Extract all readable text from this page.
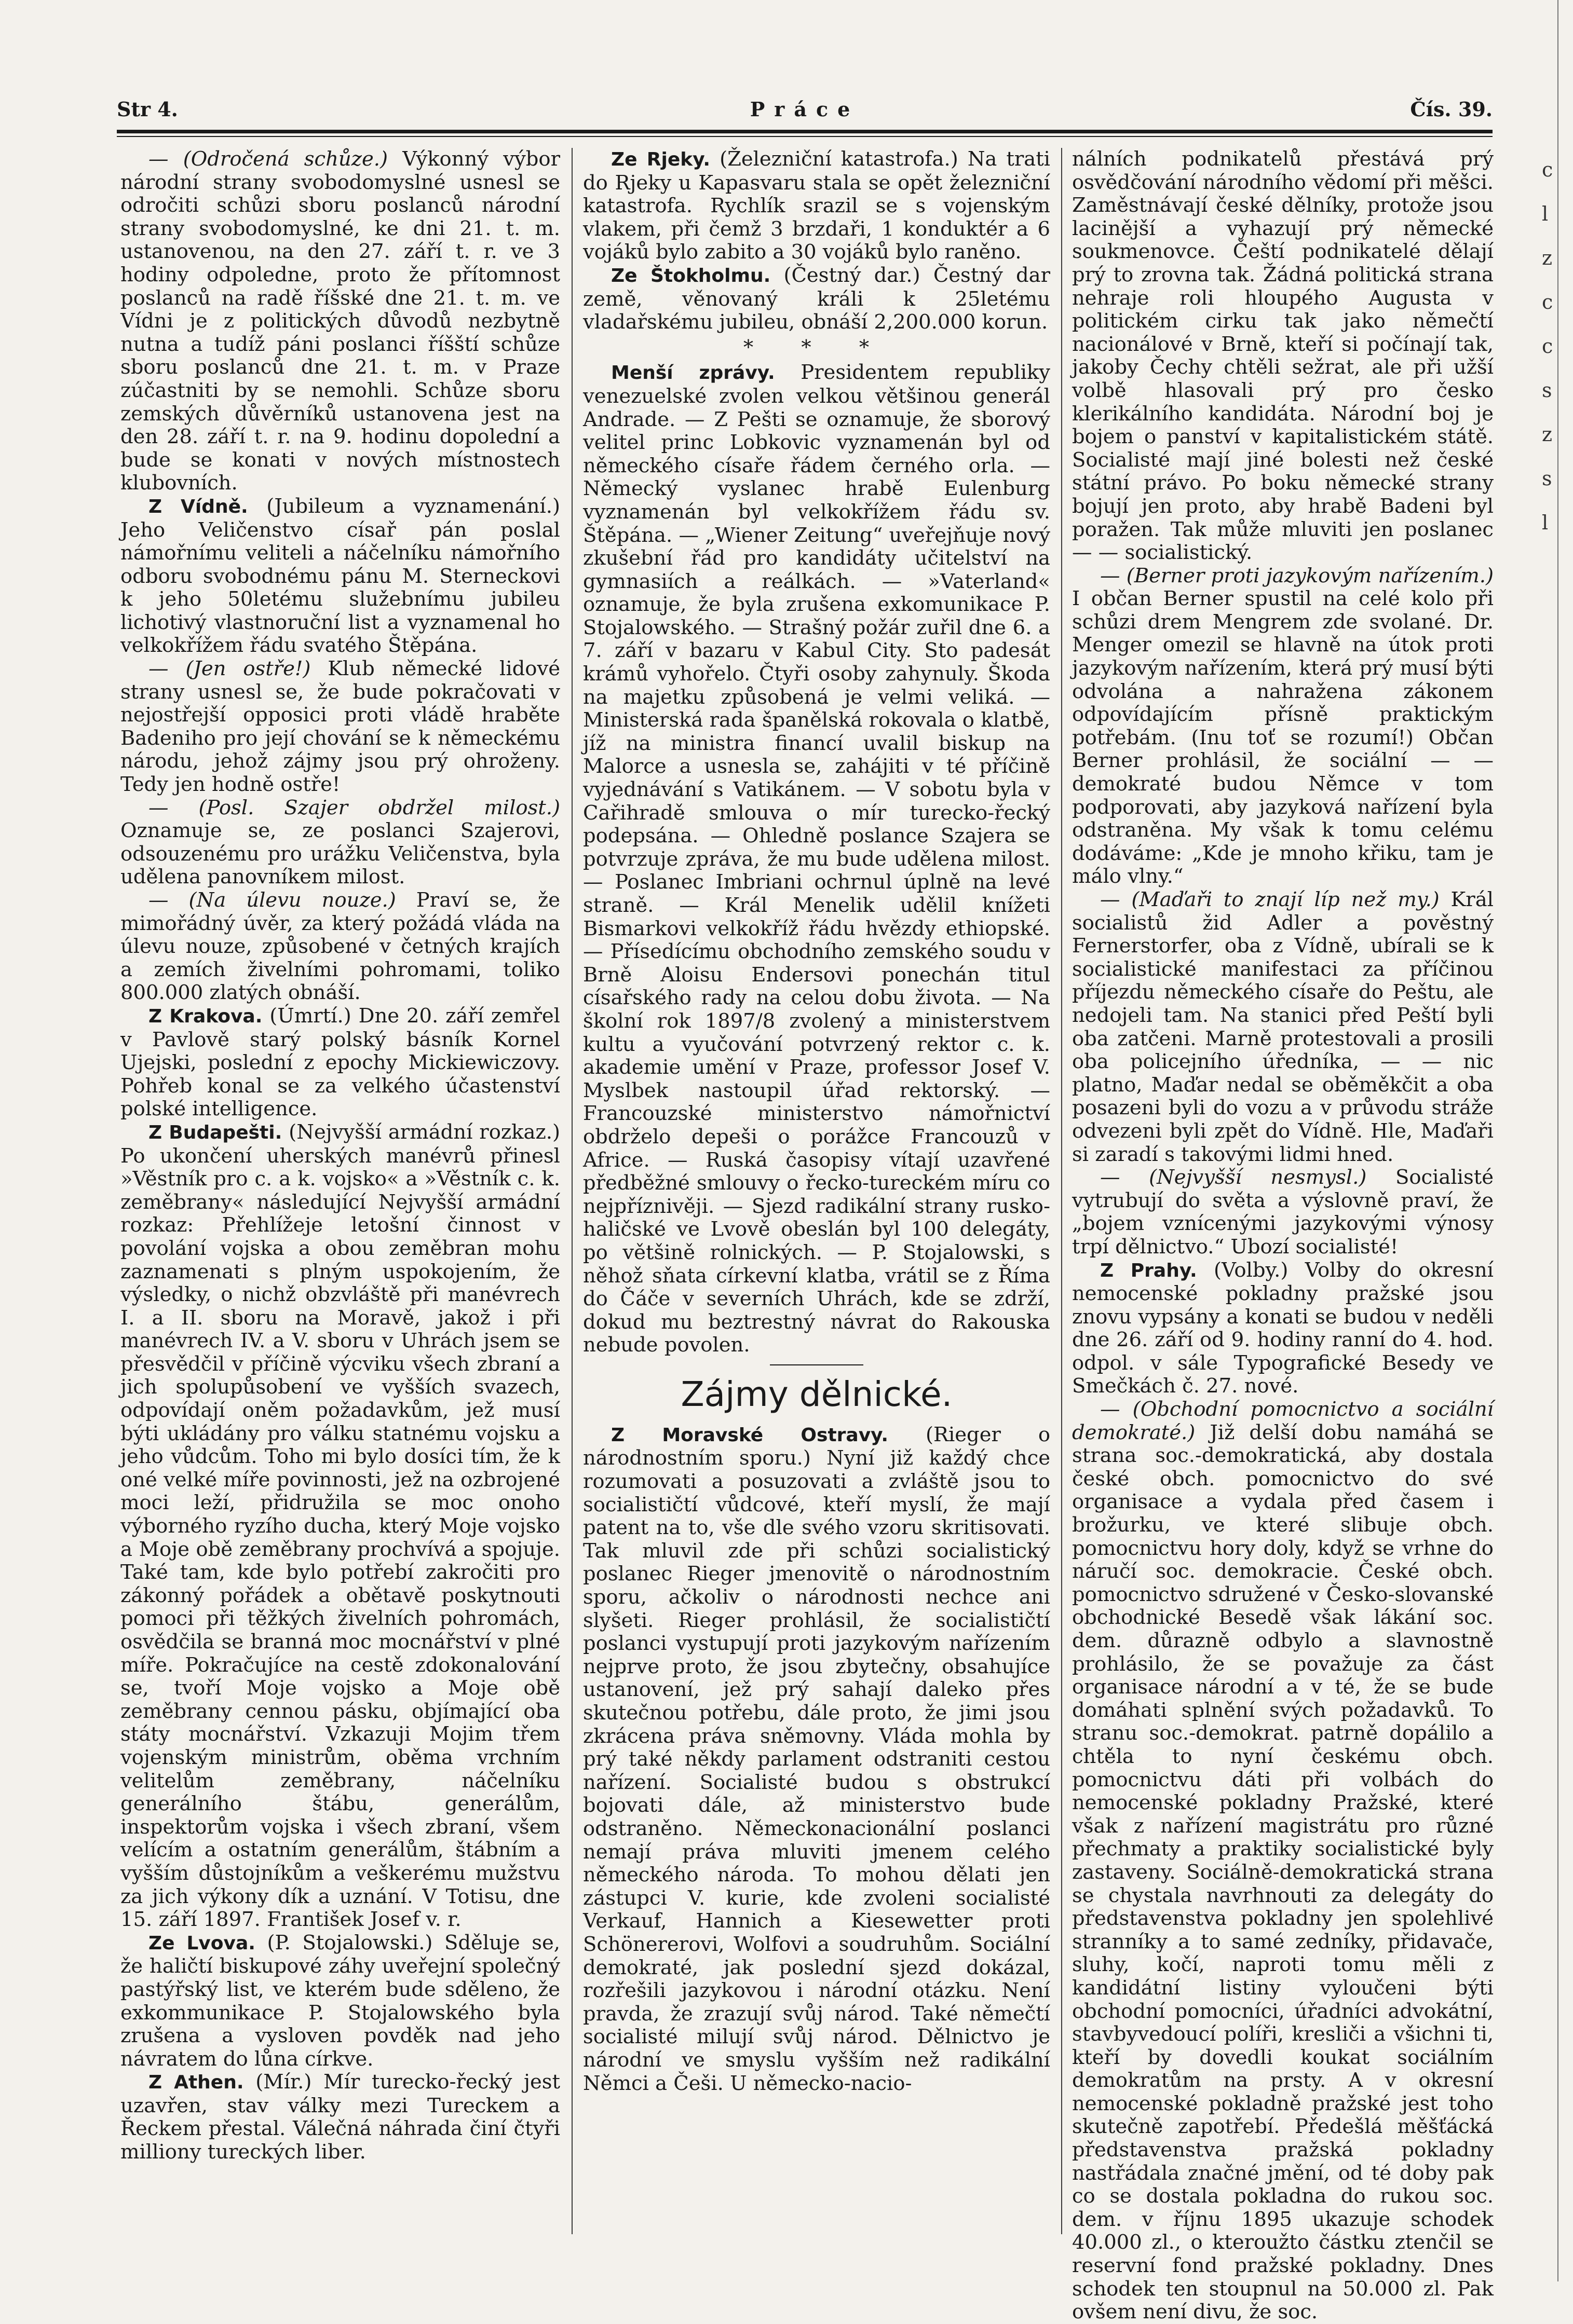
Str 4.	Práce	Čís. 39.

— (Odročená schůze.) Výkonný výbor národní strany svobodomyslné usnesl se odročiti schůzi sboru poslanců národní strany svobodomyslné, ke dni 21. t. m. ustanovenou, na den 27. září t. r. ve 3 hodiny odpoledne, proto že přítomnost poslanců na radě říšské dne 21. t. m. ve Vídni je z politických důvodů nezbytně nutna a tudíž páni poslanci říšští schůze sboru poslanců dne 21. t. m. v Praze zúčastniti by se nemohli. Schůze sboru zemských důvěrníků ustanovena jest na den 28. září t. r. na 9. hodinu dopolední a bude se konati v nových místnostech klubovních.

Z Vídně. (Jubileum a vyznamenání.) Jeho Veličenstvo císař pán poslal námořnímu veliteli a náčelníku námořního odboru svobodnému pánu M. Sterneckovi k jeho 50letému služebnímu jubileu lichotivý vlastnoruční list a vyznamenal ho velkokřížem řádu svatého Štěpána.

— (Jen ostře!) Klub německé lidové strany usnesl se, že bude pokračovati v nejostřejší opposici proti vládě hraběte Badeniho pro její chování se k německému národu, jehož zájmy jsou prý ohroženy. Tedy jen hodně ostře!

— (Posl. Szajer obdržel milost.) Oznamuje se, ze poslanci Szajerovi, odsouzenému pro urážku Veličenstva, byla udělena panovníkem milost.

— (Na úlevu nouze.) Praví se, že mimořádný úvěr, za který požádá vláda na úlevu nouze, způsobené v četných krajích a zemích živelními pohromami, toliko 800.000 zlatých obnáší.

Z Krakova. (Úmrtí.) Dne 20. září zemřel v Pavlově starý polský básník Kornel Ujejski, poslední z epochy Mickiewiczovy. Pohřeb konal se za velkého účastenství polské intelligence.

Z Budapešti. (Nejvyšší armádní rozkaz.) Po ukončení uherských manévrů přinesl »Věstník pro c. a k. vojsko« a »Věstník c. k. zeměbrany« následující Nejvyšší armádní rozkaz: Přehlížeje letošní činnost v povolání vojska a obou zeměbran mohu zaznamenati s plným uspokojením, že výsledky, o nichž obzvláště při manévrech I. a II. sboru na Moravě, jakož i při manévrech IV. a V. sboru v Uhrách jsem se přesvědčil v příčině výcviku všech zbraní a jich spolupůsobení ve vyšších svazech, odpovídají oněm požadavkům, jež musí býti ukládány pro válku statnému vojsku a jeho vůdcům. Toho mi bylo dosíci tím, že k oné velké míře povinnosti, jež na ozbrojené moci leží, přidružila se moc onoho výborného ryzího ducha, který Moje vojsko a Moje obě zeměbrany prochvívá a spojuje. Také tam, kde bylo potřebí zakročiti pro zákonný pořádek a obětavě poskytnouti pomoci při těžkých živelních pohromách, osvědčila se branná moc mocnářství v plné míře. Pokračujíce na cestě zdokonalování se, tvoří Moje vojsko a Moje obě zeměbrany cennou pásku, objímající oba státy mocnářství. Vzkazuji Mojim třem vojenským ministrům, oběma vrchním velitelům zeměbrany, náčelníku generálního štábu, generálům, inspektorům vojska i všech zbraní, všem velícím a ostatním generálům, štábním a vyšším důstojníkům a veškerému mužstvu za jich výkony dík a uznání. V Totisu, dne 15. září 1897. František Josef v. r.

Ze Lvova. (P. Stojalowski.) Sděluje se, že haličtí biskupové záhy uveřejní společný pastýřský list, ve kterém bude sděleno, že exkommunikace P. Stojalowského byla zrušena a vysloven povděk nad jeho návratem do lůna církve.

Z Athen. (Mír.) Mír turecko-řecký jest uzavřen, stav války mezi Tureckem a Řeckem přestal. Válečná náhrada činí čtyři milliony tureckých liber.

Ze Rjeky. (Železniční katastrofa.) Na trati do Rjeky u Kapasvaru stala se opět železniční katastrofa. Rychlík srazil se s vojenským vlakem, při čemž 3 brzdaři, 1 konduktér a 6 vojáků bylo zabito a 30 vojáků bylo raněno.

Ze Štokholmu. (Čestný dar.) Čestný dar země, věnovaný králi k 25letému vladařskému jubileu, obnáší 2,200.000 korun.

* * *

Menší zprávy. Presidentem republiky venezuelské zvolen velkou většinou generál Andrade. — Z Pešti se oznamuje, že sborový velitel princ Lobkovic vyznamenán byl od německého císaře řádem černého orla. — Německý vyslanec hrabě Eulenburg vyznamenán byl velkokřížem řádu sv. Štěpána. — „Wiener Zeitung“ uveřejňuje nový zkušební řád pro kandidáty učitelství na gymnasiích a reálkách. — »Vaterland« oznamuje, že byla zrušena exkomunikace P. Stojalowského. — Strašný požár zuřil dne 6. a 7. září v bazaru v Kabul City. Sto padesát krámů vyhořelo. Čtyři osoby zahynuly. Škoda na majetku způsobená je velmi veliká. — Ministerská rada španělská rokovala o klatbě, jíž na ministra financí uvalil biskup na Malorce a usnesla se, zahájiti v té příčině vyjednávání s Vatikánem. — V sobotu byla v Cařihradě smlouva o mír turecko-řecký podepsána. — Ohledně poslance Szajera se potvrzuje zpráva, že mu bude udělena milost. — Poslanec Imbriani ochrnul úplně na levé straně. — Král Menelik udělil knížeti Bismarkovi velkokříž řádu hvězdy ethiopské. — Přísedícímu obchodního zemského soudu v Brně Aloisu Endersovi ponechán titul císařského rady na celou dobu života. — Na školní rok 1897/8 zvolený a ministerstvem kultu a vyučování potvrzený rektor c. k. akademie umění v Praze, professor Josef V. Myslbek nastoupil úřad rektorský. — Francouzské ministerstvo námořnictví obdrželo depeši o porážce Francouzů v Africe. — Ruská časopisy vítají uzavřené předběžné smlouvy o řecko-tureckém míru co nejpříznivěji. — Sjezd radikální strany rusko-haličské ve Lvově obeslán byl 100 delegáty, po většině rolnických. — P. Stojalowski, s něhož sňata církevní klatba, vrátil se z Říma do Čáče v severních Uhrách, kde se zdrží, dokud mu beztrestný návrat do Rakouska nebude povolen.

Zájmy dělnické.

Z Moravské Ostravy. (Rieger o národnostním sporu.) Nyní již každý chce rozumovati a posuzovati a zvláště jsou to socialističtí vůdcové, kteří myslí, že mají patent na to, vše dle svého vzoru skritisovati. Tak mluvil zde při schůzi socialistický poslanec Rieger jmenovitě o národnostním sporu, ačkoliv o národnosti nechce ani slyšeti. Rieger prohlásil, že socialističtí poslanci vystupují proti jazykovým nařízením nejprve proto, že jsou zbytečny, obsahujíce ustanovení, jež prý sahají daleko přes skutečnou potřebu, dále proto, že jimi jsou zkrácena práva sněmovny. Vláda mohla by prý také někdy parlament odstraniti cestou nařízení. Socialisté budou s obstrukcí bojovati dále, až ministerstvo bude odstraněno. Německonacionální poslanci nemají práva mluviti jmenem celého německého národa. To mohou dělati jen zástupci V. kurie, kde zvoleni socialisté Verkauf, Hannich a Kiesewetter proti Schönererovi, Wolfovi a soudruhům. Sociální demokraté, jak poslední sjezd dokázal, rozřešili jazykovou i národní otázku. Není pravda, že zrazují svůj národ. Také němečtí socialisté milují svůj národ. Dělnictvo je národní ve smyslu vyšším než radikální Němci a Češi. U německo-nacio-

nálních podnikatelů přestává prý osvědčování národního vědomí při měšci. Zaměstnávají české dělníky, protože jsou lacinější a vyhazují prý německé soukmenovce. Čeští podnikatelé dělají prý to zrovna tak. Žádná politická strana nehraje roli hloupého Augusta v politickém cirku tak jako němečtí nacionálové v Brně, kteří si počínají tak, jakoby Čechy chtěli sežrat, ale při užší volbě hlasovali prý pro česko klerikálního kandidáta. Národní boj je bojem o panství v kapitalistickém státě. Socialisté mají jiné bolesti než české státní právo. Po boku německé strany bojují jen proto, aby hrabě Badeni byl poražen. Tak může mluviti jen poslanec — — socialistický.

— (Berner proti jazykovým nařízením.) I občan Berner spustil na celé kolo při schůzi drem Mengrem zde svolané. Dr. Menger omezil se hlavně na útok proti jazykovým nařízením, která prý musí býti odvolána a nahražena zákonem odpovídajícím přísně praktickým potřebám. (Inu toť se rozumí!) Občan Berner prohlásil, že sociální — — demokraté budou Němce v tom podporovati, aby jazyková nařízení byla odstraněna. My však k tomu celému dodáváme: „Kde je mnoho křiku, tam je málo vlny.“

— (Maďaři to znají líp než my.) Král socialistů žid Adler a pověstný Fernerstorfer, oba z Vídně, ubírali se k socialistické manifestaci za příčinou příjezdu německého císaře do Peštu, ale nedojeli tam. Na stanici před Peští byli oba zatčeni. Marně protestovali a prosili oba policejního úředníka, — — nic platno, Maďar nedal se oběměkčit a oba posazeni byli do vozu a v průvodu stráže odvezeni byli zpět do Vídně. Hle, Maďaři si zaradí s takovými lidmi hned.

— (Nejvyšší nesmysl.) Socialisté vytrubují do světa a výslovně praví, že „bojem vznícenými jazykovými výnosy trpí dělnictvo.“ Ubozí socialisté!

Z Prahy. (Volby.) Volby do okresní nemocenské pokladny pražské jsou znovu vypsány a konati se budou v neděli dne 26. září od 9. hodiny ranní do 4. hod. odpol. v sále Typografické Besedy ve Smečkách č. 27. nové.

— (Obchodní pomocnictvo a sociální demokraté.) Již delší dobu namáhá se strana soc.-demokratická, aby dostala české obch. pomocnictvo do své organisace a vydala před časem i brožurku, ve které slibuje obch. pomocnictvu hory doly, když se vrhne do náručí soc. demokracie. České obch. pomocnictvo sdružené v Česko-slovanské obchodnické Besedě však lákání soc. dem. důrazně odbylo a slavnostně prohlásilo, že se považuje za část organisace národní a v té, že se bude domáhati splnění svých požadavků. To stranu soc.-demokrat. patrně dopálilo a chtěla to nyní českému obch. pomocnictvu dáti při volbách do nemocenské pokladny Pražské, které však z nařízení magistrátu pro různé přechmaty a praktiky socialistické byly zastaveny. Sociálně-demokratická strana se chystala navrhnouti za delegáty do představenstva pokladny jen spolehlivé stranníky a to samé zedníky, přidavače, sluhy, kočí, naproti tomu měli z kandidátní listiny vyloučeni býti obchodní pomocníci, úřadníci advokátní, stavbyvedoucí políři, kresliči a všichni ti, kteří by dovedli koukat sociálním demokratům na prsty. A v okresní nemocenské pokladně pražské jest toho skutečně zapotřebí. Předešlá měšťácká představenstva pražská pokladny nastřádala značné jmění, od té doby pak co se dostala pokladna do rukou soc. dem. v říjnu 1895 ukazuje schodek 40.000 zl., o kteroužto částku ztenčil se reservní fond pražské pokladny. Dnes schodek ten stoupnul na 50.000 zl. Pak ovšem není divu, že soc.

c
l
z
c
c
s
z
s
l
